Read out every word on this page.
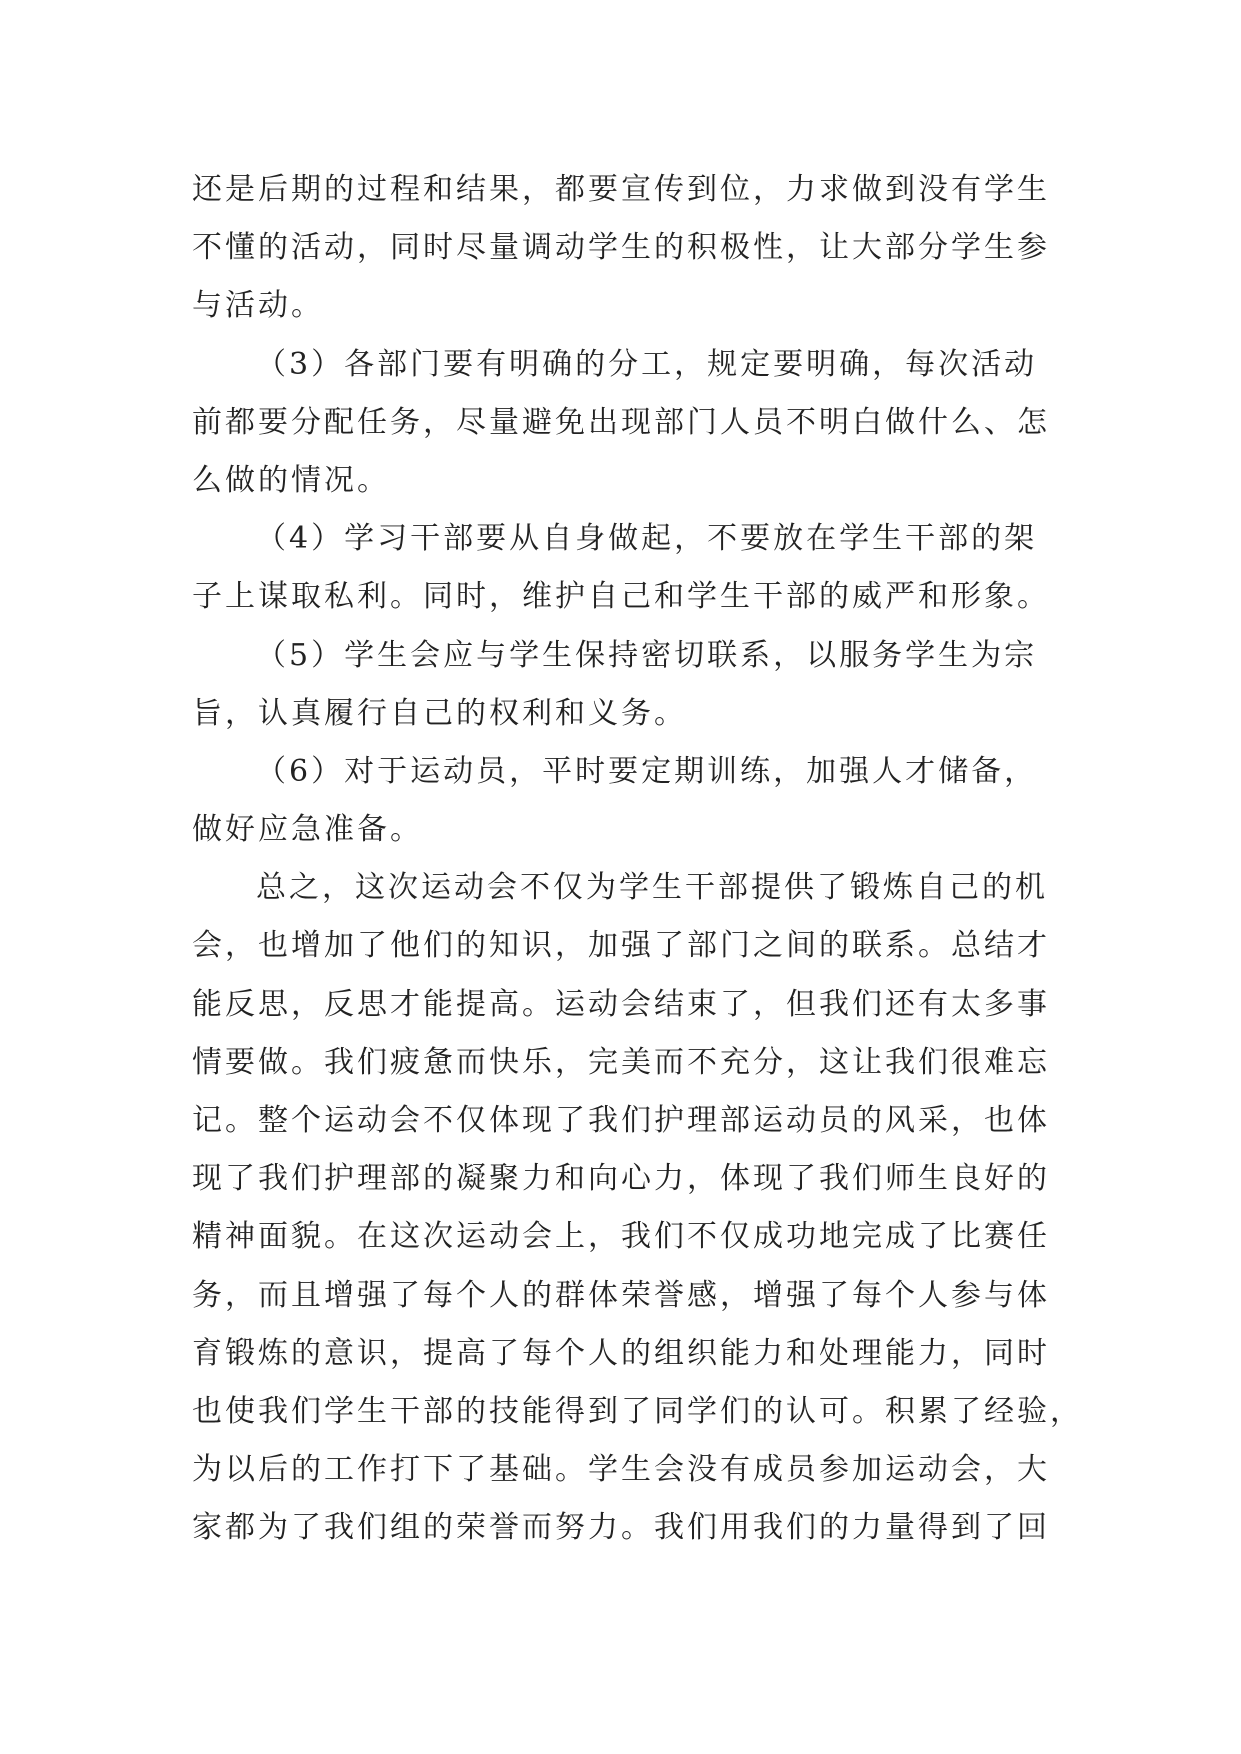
还是后期的过程和结果，都要宣传到位，力求做到没有学生
不懂的活动，同时尽量调动学生的积极性，让大部分学生参
与活动。
（3）各部门要有明确的分工，规定要明确，每次活动
前都要分配任务，尽量避免出现部门人员不明白做什么、怎
么做的情况。
（4）学习干部要从自身做起，不要放在学生干部的架
子上谋取私利。同时，维护自己和学生干部的威严和形象。
（5）学生会应与学生保持密切联系，以服务学生为宗
旨，认真履行自己的权利和义务。
（6）对于运动员，平时要定期训练，加强人才储备，
做好应急准备。
总之，这次运动会不仅为学生干部提供了锻炼自己的机
会，也增加了他们的知识，加强了部门之间的联系。总结才
能反思，反思才能提高。运动会结束了，但我们还有太多事
情要做。我们疲惫而快乐，完美而不充分，这让我们很难忘
记。整个运动会不仅体现了我们护理部运动员的风采，也体
现了我们护理部的凝聚力和向心力，体现了我们师生良好的
精神面貌。在这次运动会上，我们不仅成功地完成了比赛任
务，而且增强了每个人的群体荣誉感，增强了每个人参与体
育锻炼的意识，提高了每个人的组织能力和处理能力，同时
也使我们学生干部的技能得到了同学们的认可。积累了经验，
为以后的工作打下了基础。学生会没有成员参加运动会，大
家都为了我们组的荣誉而努力。我们用我们的力量得到了回
